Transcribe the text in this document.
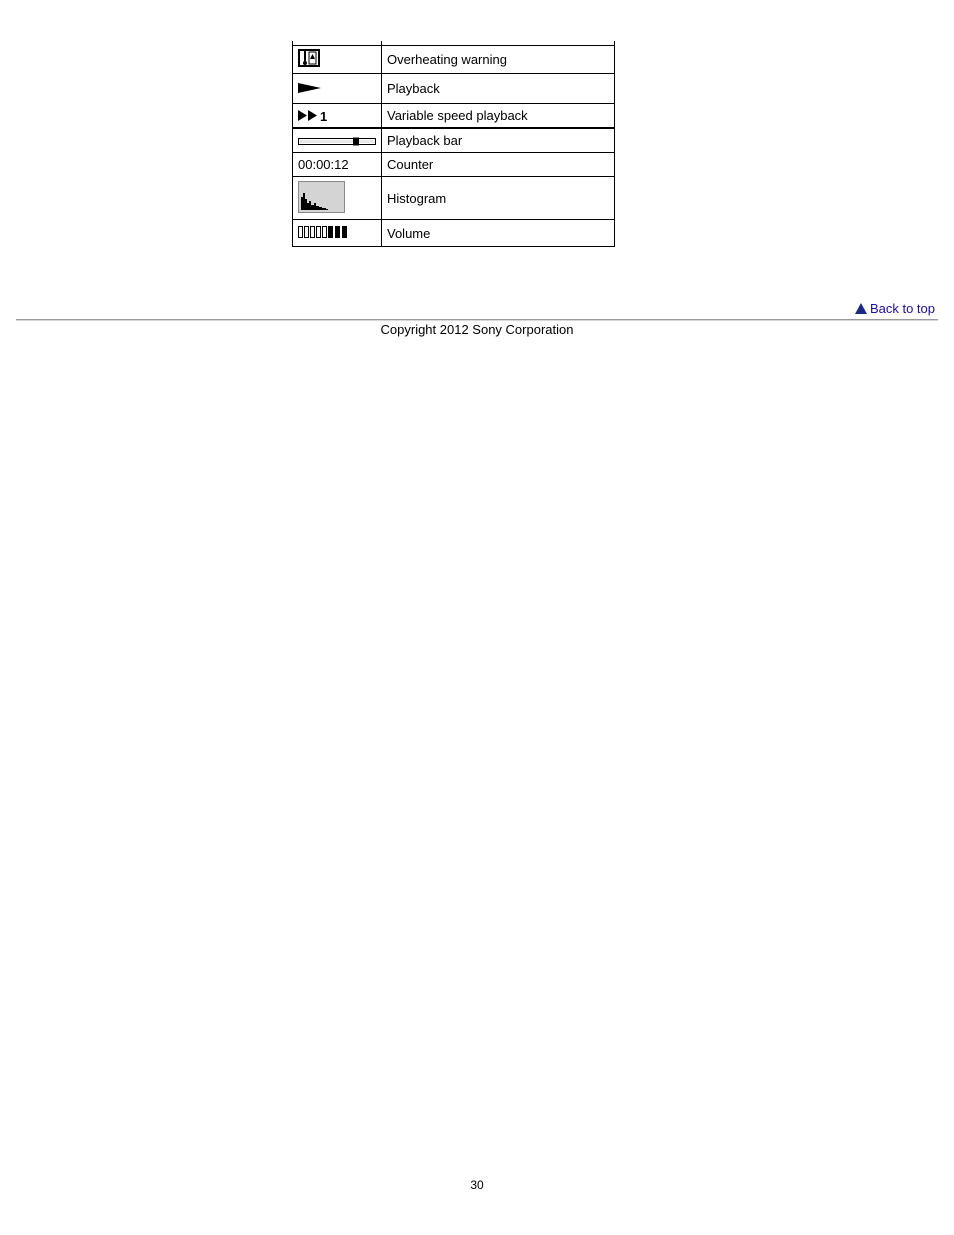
	Overheating warning
	Playback
1	Variable speed playback
	Playback bar
00:00:12	Counter
	Histogram
	Volume
Back to top
Copyright 2012 Sony Corporation
30
